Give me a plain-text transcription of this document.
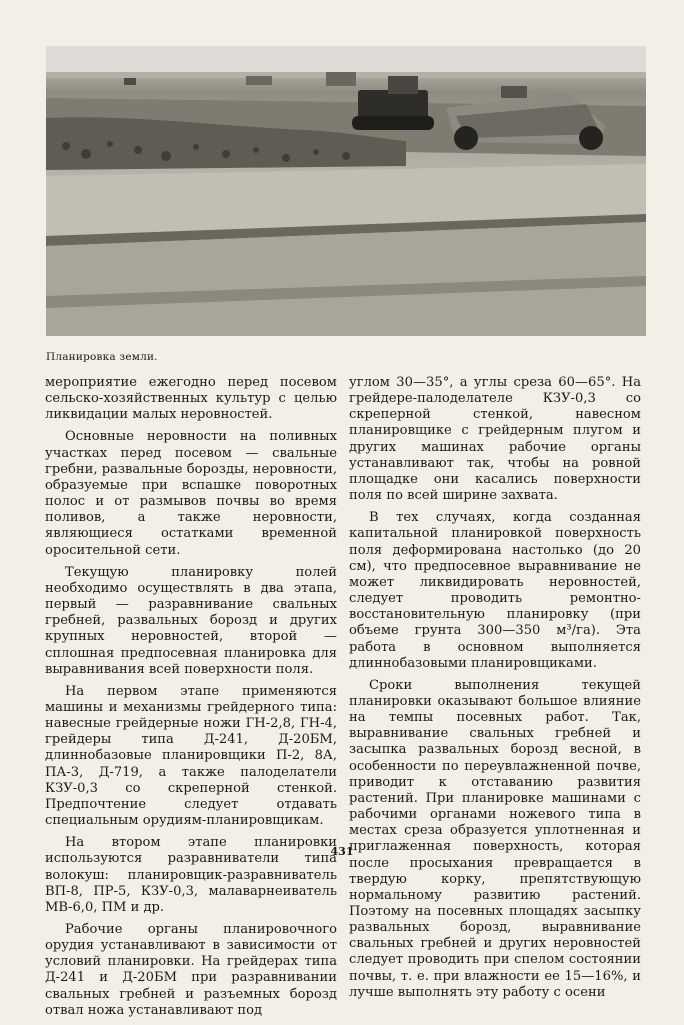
Планировка земли.

мероприятие ежегодно перед посевом сельско-хозяйственных культур с целью ликвидации малых неровностей.

Основные неровности на поливных участках перед посевом — свальные гребни, развальные борозды, неровности, образуемые при вспашке поворотных полос и от размывов почвы во время поливов, а также неровности, являющиеся остатками временной оросительной сети.

Текущую планировку полей необходимо осуществлять в два этапа, первый — разравнивание свальных гребней, развальных борозд и других крупных неровностей, второй — сплошная предпосевная планировка для выравнивания всей поверхности поля.

На первом этапе применяются машины и механизмы грейдерного типа: навесные грейдерные ножи ГН-2,8, ГН-4, грейдеры типа Д-241, Д-20БМ, длиннобазовые планировщики П-2, 8А, ПА-3, Д-719, а также палоделатели КЗУ-0,3 со скреперной стенкой. Предпочтение следует отдавать специальным орудиям-планировщикам.

На втором этапе планировки используются разравниватели типа волокуш: планировщик-разравниватель ВП-8, ПР-5, КЗУ-0,3, малаварнеиватель МВ-6,0, ПМ и др.

Рабочие органы планировочного орудия устанавливают в зависимости от условий планировки. На грейдерах типа Д-241 и Д-20БМ при разравнивании свальных гребней и разъемных борозд отвал ножа устанавливают под

углом 30—35°, а углы среза 60—65°. На грейдере-палоделателе КЗУ-0,3 со скреперной стенкой, навесном планировщике с грейдерным плугом и других машинах рабочие органы устанавливают так, чтобы на ровной площадке они касались поверхности поля по всей ширине захвата.

В тех случаях, когда созданная капитальной планировкой поверхность поля деформирована настолько (до 20 см), что предпосевное выравнивание не может ликвидировать неровностей, следует проводить ремонтно-восстановительную планировку (при объеме грунта 300—350 м³/га). Эта работа в основном выполняется длиннобазовыми планировщиками.

Сроки выполнения текущей планировки оказывают большое влияние на темпы посевных работ. Так, выравнивание свальных гребней и засыпка развальных борозд весной, в особенности по переувлажненной почве, приводит к отставанию развития растений. При планировке машинами с рабочими органами ножевого типа в местах среза образуется уплотненная и приглаженная поверхность, которая после просыхания превращается в твердую корку, препятствующую нормальному развитию растений. Поэтому на посевных площадях засыпку развальных борозд, выравнивание свальных гребней и других неровностей следует проводить при спелом состоянии почвы, т. е. при влажности ее 15—16%, и лучше выполнять эту работу с осени

431
